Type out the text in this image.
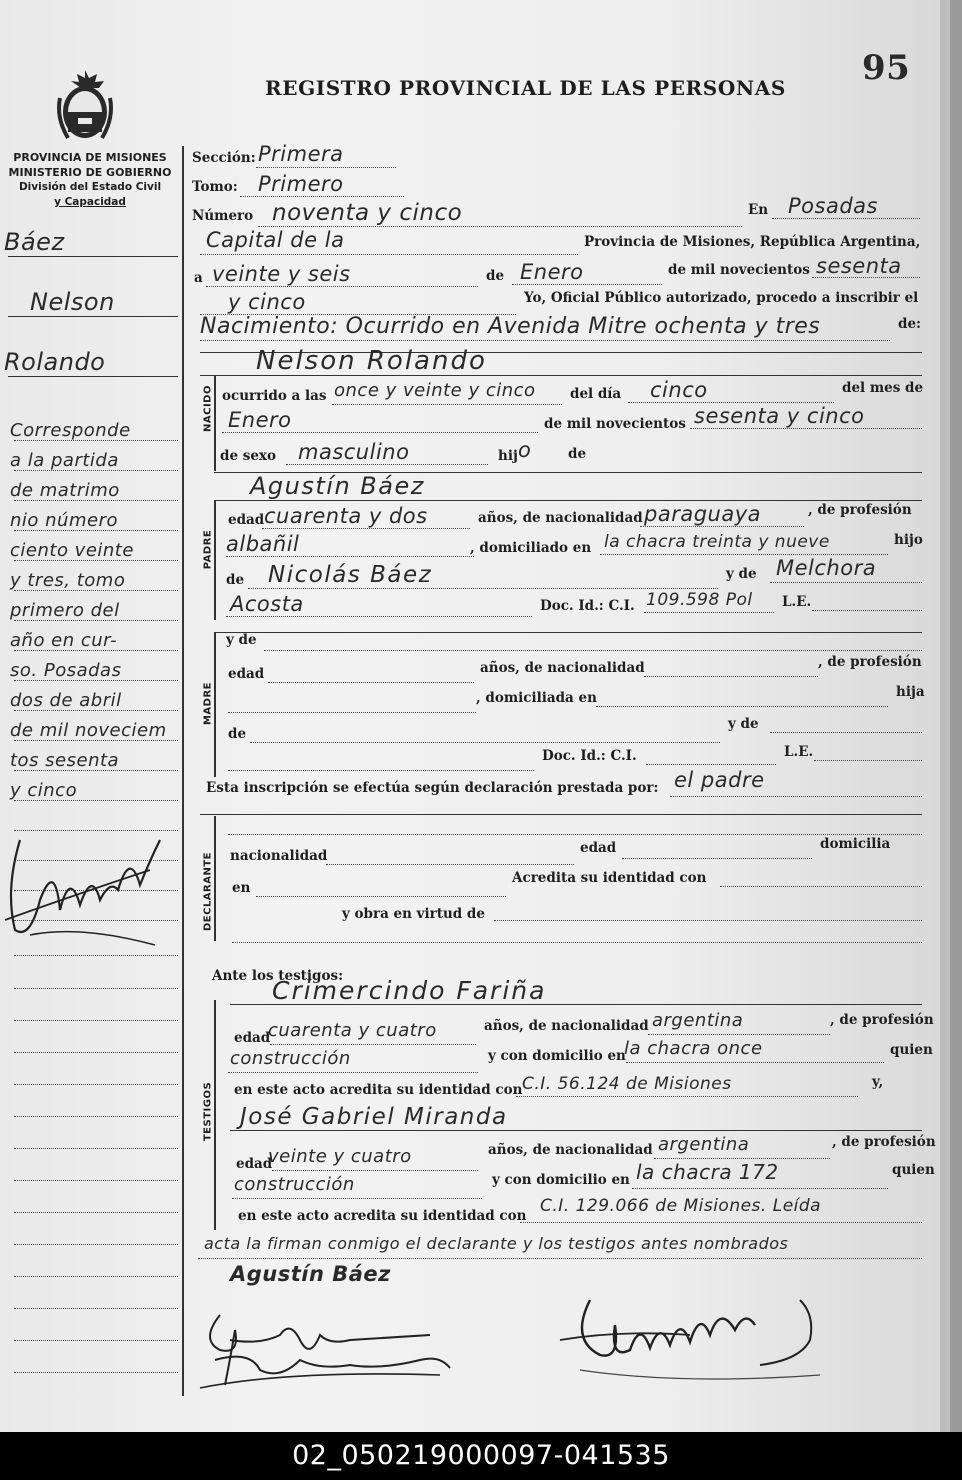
PROVINCIA DE MISIONES
MINISTERIO DE GOBIERNO
División del Estado Civil
y Capacidad
REGISTRO PROVINCIAL DE LAS PERSONAS 95
Báez
Nelson
Rolando
Corresponde
a la partida
de matrimo
nio número
ciento veinte
y tres, tomo
primero del
año en cur-
so. Posadas
dos de abril
de mil noveciem
tos sesenta
y cinco
NACIDO
PADRE
MADRE
DECLARANTE
TESTIGOS
Sección: Primera
Tomo: Primero
Número noventa y cinco	En Posadas
Capital de la	Provincia de Misiones, República Argentina,
a veinte y seis	de Enero	de mil novecientos sesenta
y cinco	Yo, Oficial Público autorizado, procedo a inscribir el
Nacimiento: Ocurrido en Avenida Mitre ochenta y tres	de:
Nelson Rolando
ocurrido a las once y veinte y cinco	del día cinco	del mes de
Enero	de mil novecientos sesenta y cinco
de sexo masculino	hij o	de
Agustín Báez
edad cuarenta y dos	años, de nacionalidad paraguaya	, de profesión
albañil	, domiciliado en la chacra treinta y nueve	hijo
de Nicolás Báez	y de Melchora
Acosta	Doc. Id.: C.I. 109.598 Pol L.E.
y de
edad	años, de nacionalidad	, de profesión
, domiciliada en	hija
de
y de
Doc. Id.: C.I.	L.E.
Esta inscripción se efectúa según declaración prestada por: el padre
edad	domicilia
nacionalidad
en
Acredita su identidad con
y obra en virtud de
Ante los testigos:
Crimercindo Fariña
edad
cuarenta y cuatro	años, de nacionalidad argentina	, de profesión
construcción	y con domicilio en
la chacra once	quien
en este acto acredita su identidad con C.I. 56.124 de Misiones	y,
José Gabriel Miranda
edad
veinte y cuatro	años, de nacionalidad argentina	, de profesión
construcción	y con domicilio en la chacra 172	quien
en este acto acredita su identidad con C.I. 129.066 de Misiones. Leída
acta la firman conmigo el declarante y los testigos antes nombrados
Agustín Báez
02_050219000097-041535
